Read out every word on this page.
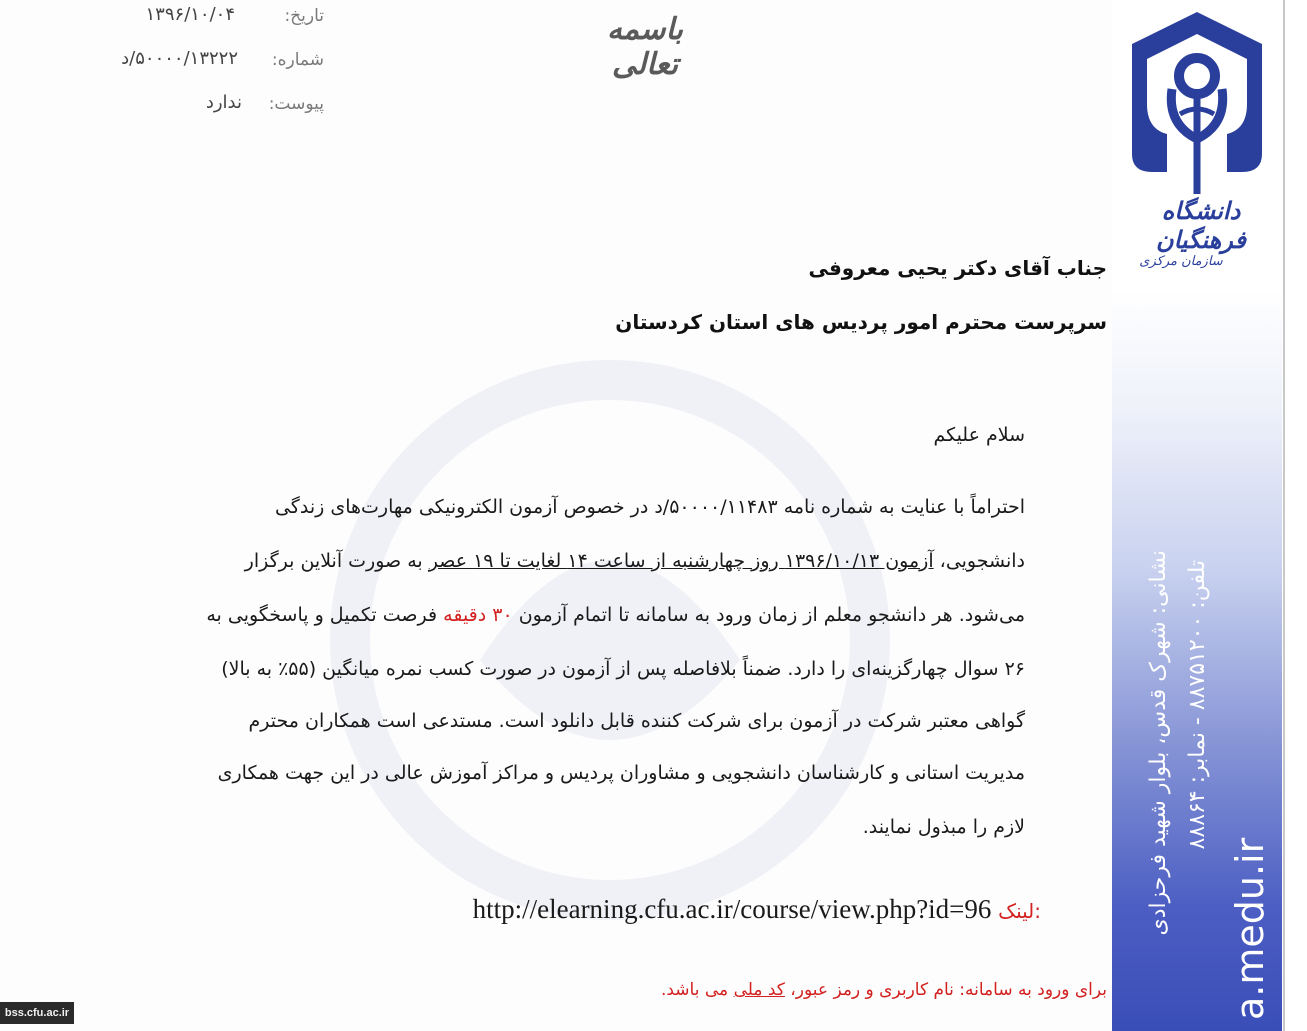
دانشگاه فرهنگیان
سازمان مرکزی
نشانی: شهرک قدس، بلوار شهید فرحزادی تلفن: ۸۸۷۵۱۲۰۰ - نمابر: ۸۸۸۶۴
a.medu.ir
باسمه تعالی
تاریخ:
۱۳۹۶/۱۰/۰۴
شماره:
۵۰۰۰۰/۱۳۲۲۲/د
پیوست:
ندارد
جناب آقای دکتر یحیی معروفی
سرپرست محترم امور پردیس های استان کردستان
سلام علیکم
احتراماً با عنایت به شماره نامه ۵۰۰۰۰/۱۱۴۸۳/د در خصوص آزمون الکترونیکی مهارت‌های زندگی
دانشجویی، آزمون ۱۳۹۶/۱۰/۱۳ روز چهارشنبه از ساعت ۱۴ لغایت تا ۱۹ عصر به صورت آنلاین برگزار
می‌شود. هر دانشجو معلم از زمان ورود به سامانه تا اتمام آزمون ۳۰ دقیقه فرصت تکمیل و پاسخگویی به
۲۶ سوال چهارگزینه‌ای را دارد. ضمناً بلافاصله پس از آزمون در صورت کسب نمره میانگین (۵۵٪ به بالا)
گواهی معتبر شرکت در آزمون برای شرکت کننده قابل دانلود است. مستدعی است همکاران محترم
مدیریت استانی و کارشناسان دانشجویی و مشاوران پردیس و مراکز آموزش عالی در این جهت همکاری
لازم را مبذول نمایند.
http://elearning.cfu.ac.ir/course/view.php?id=96 لینک:
برای ورود به سامانه: نام کاربری و رمز عبور، کد ملی می باشد.
bss.cfu.ac.ir
